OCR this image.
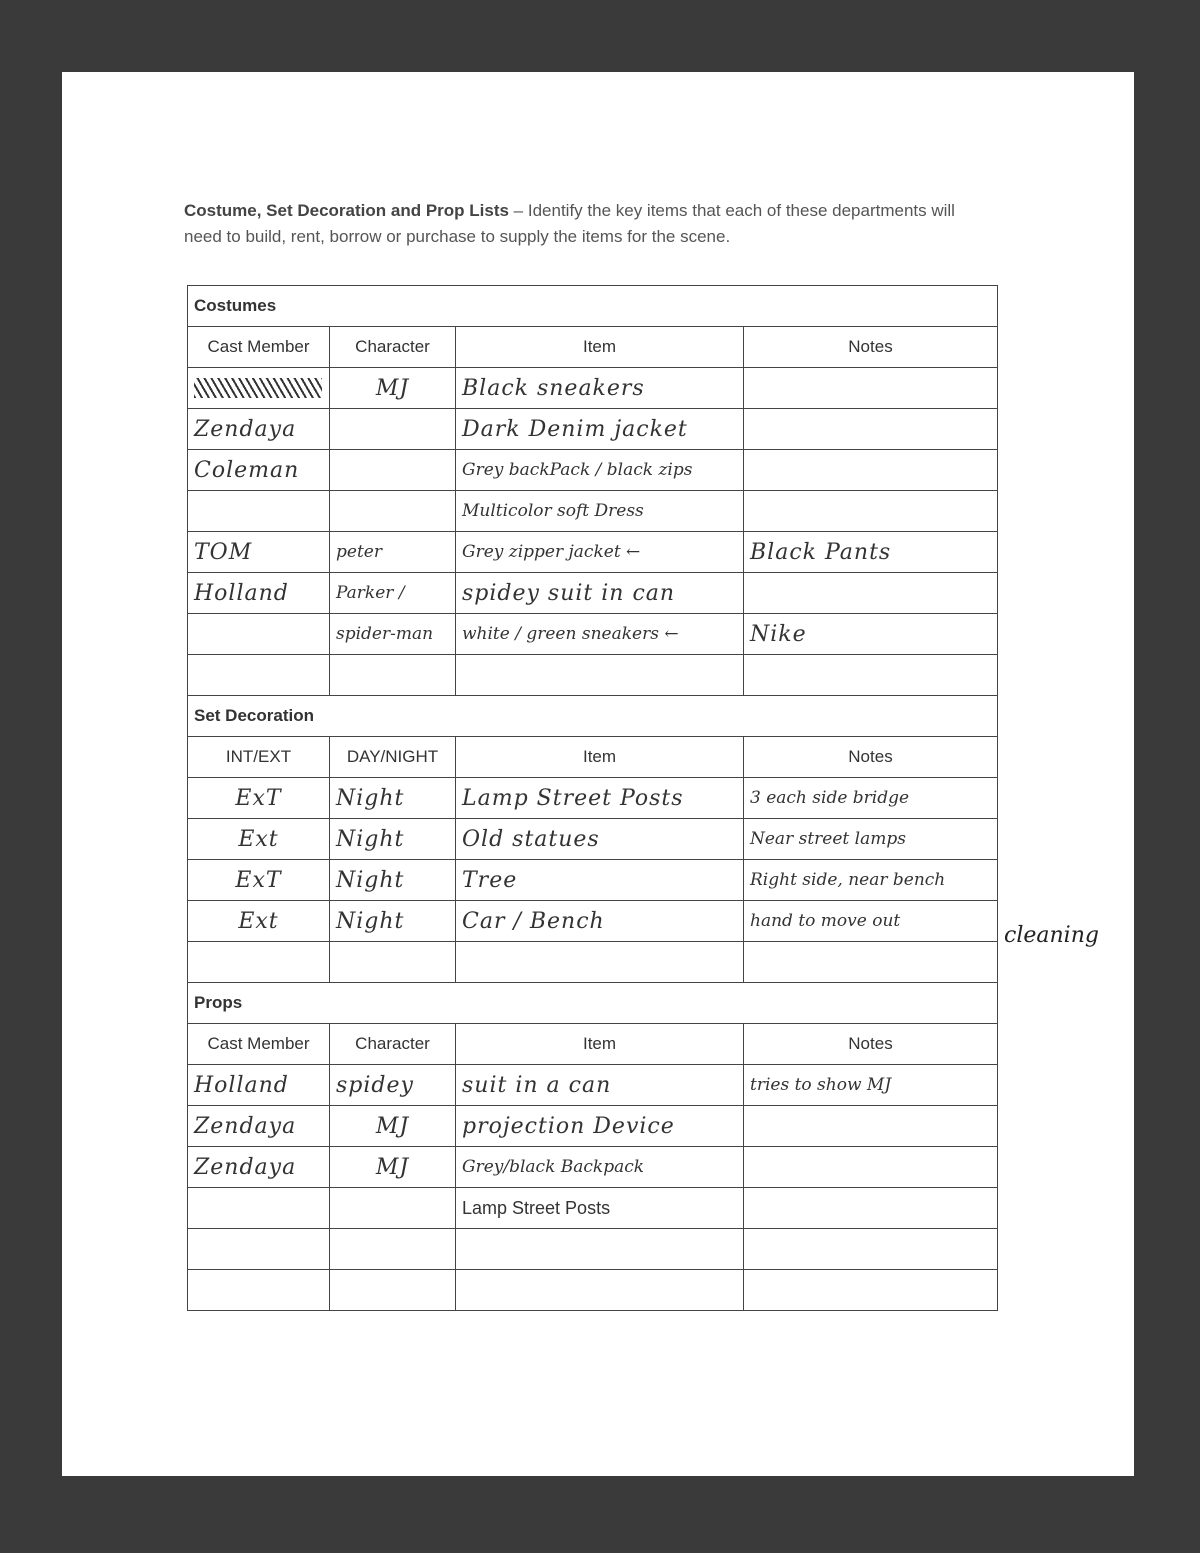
Costume, Set Decoration and Prop Lists – Identify the key items that each of these departments will need to build, rent, borrow or purchase to supply the items for the scene.
Costumes			
Cast Member	Character	Item	Notes
	MJ	Black sneakers	
Zendaya		Dark Denim jacket	
Coleman		Grey backPack / black zips	
		Multicolor soft Dress	
TOM	peter	Grey zipper jacket ←	Black Pants
Holland	Parker /	spidey suit in can	
	spider-man	white / green sneakers ←	Nike

Set Decoration			
INT/EXT	DAY/NIGHT	Item	Notes
ExT	Night	Lamp Street Posts	3 each side bridge
Ext	Night	Old statues	Near street lamps
ExT	Night	Tree	Right side, near bench
Ext	Night	Car / Bench	hand to move out

Props			
Cast Member	Character	Item	Notes
Holland	spidey	suit in a can	tries to show MJ
Zendaya	MJ	projection Device	
Zendaya	MJ	Grey/black Backpack	
		Lamp Street Posts	

cleaning
